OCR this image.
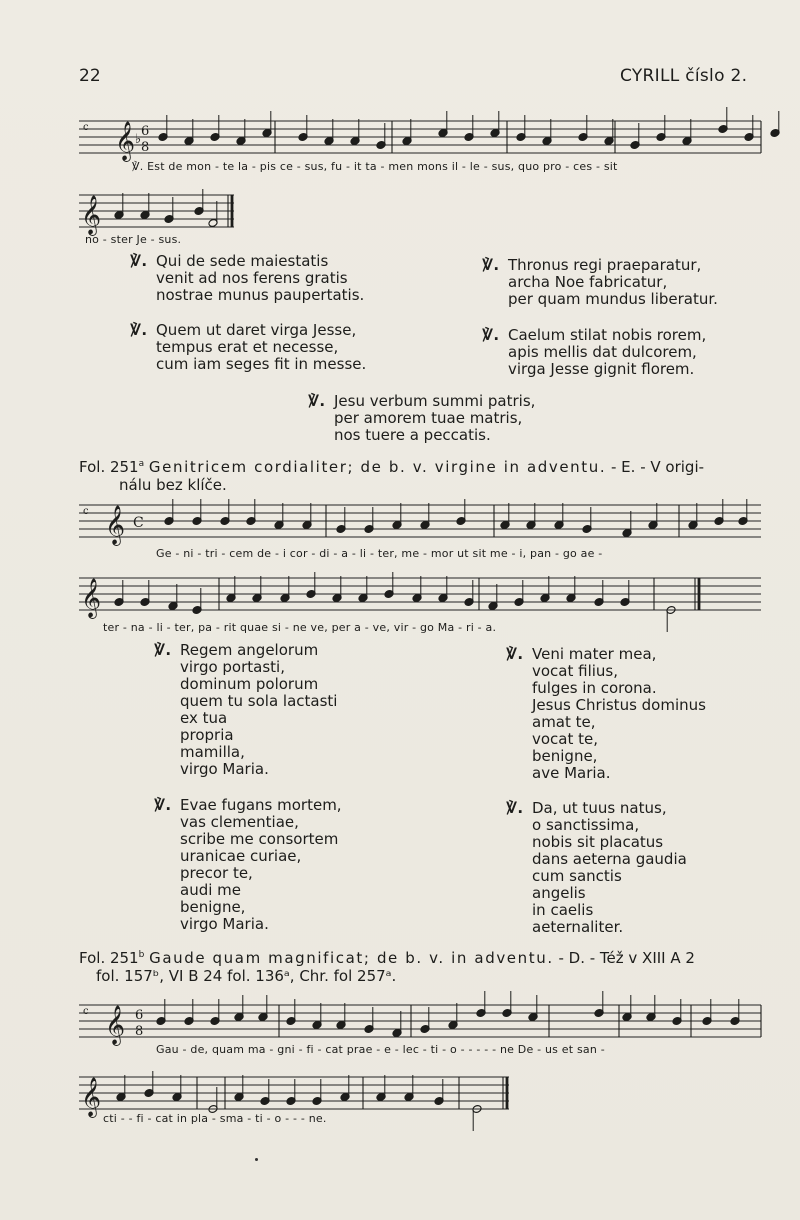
22	CYRILL číslo 2.
c 𝄞 6
8
♭
℣. Est de mon - te la - pis ce - sus, fu - it ta - men mons il - le - sus, quo pro - ces - sit
𝄞
no - ster Je - sus.
℣. Qui de sede maiestatis
venit ad nos ferens gratis
nostrae munus paupertatis.
℣. Thronus regi praeparatur,
archa Noe fabricatur,
per quam mundus liberatur.
℣. Quem ut daret virga Jesse,
tempus erat et necesse,
cum iam seges fit in messe.
℣. Caelum stilat nobis rorem,
apis mellis dat dulcorem,
virga Jesse gignit florem.
℣. Jesu verbum summi patris,
per amorem tuae matris,
nos tuere a peccatis.
Fol. 251$^a$ Genitricem cordialiter; de b. v. virgine in adventu. - E. - V origi-
nálu bez klíče.
c 𝄞 C
Ge - ni - tri - cem de - i cor - di - a - li - ter, me - mor ut sit me - i, pan - go ae -
𝄞
ter - na - li - ter, pa - rit quae si - ne ve, per a - ve, vir - go Ma - ri - a.
℣. Regem angelorum
virgo portasti,
dominum polorum
quem tu sola lactasti
ex tua
propria
mamilla,
virgo Maria.
℣. Veni mater mea,
vocat filius,
fulges in corona.
Jesus Christus dominus
amat te,
vocat te,
benigne,
ave Maria.
℣. Evae fugans mortem,
vas clementiae,
scribe me consortem
uranicae curiae,
precor te,
audi me
benigne,
virgo Maria.
℣. Da, ut tuus natus,
o sanctissima,
nobis sit placatus
dans aeterna gaudia
cum sanctis
angelis
in caelis
aeternaliter.
Fol. 251$^b$ Gaude quam magnificat; de b. v. in adventu. - D. - Též v XIII A 2
fol. 157ᵇ, VI B 24 fol. 136ᵃ, Chr. fol 257ᵃ.
c 𝄞 6
8
Gau - de, quam ma - gni - fi - cat prae - e - lec - ti - o - - - - - ne De - us et san -
𝄞
cti - - fi - cat in pla - sma - ti - o - - - ne.
